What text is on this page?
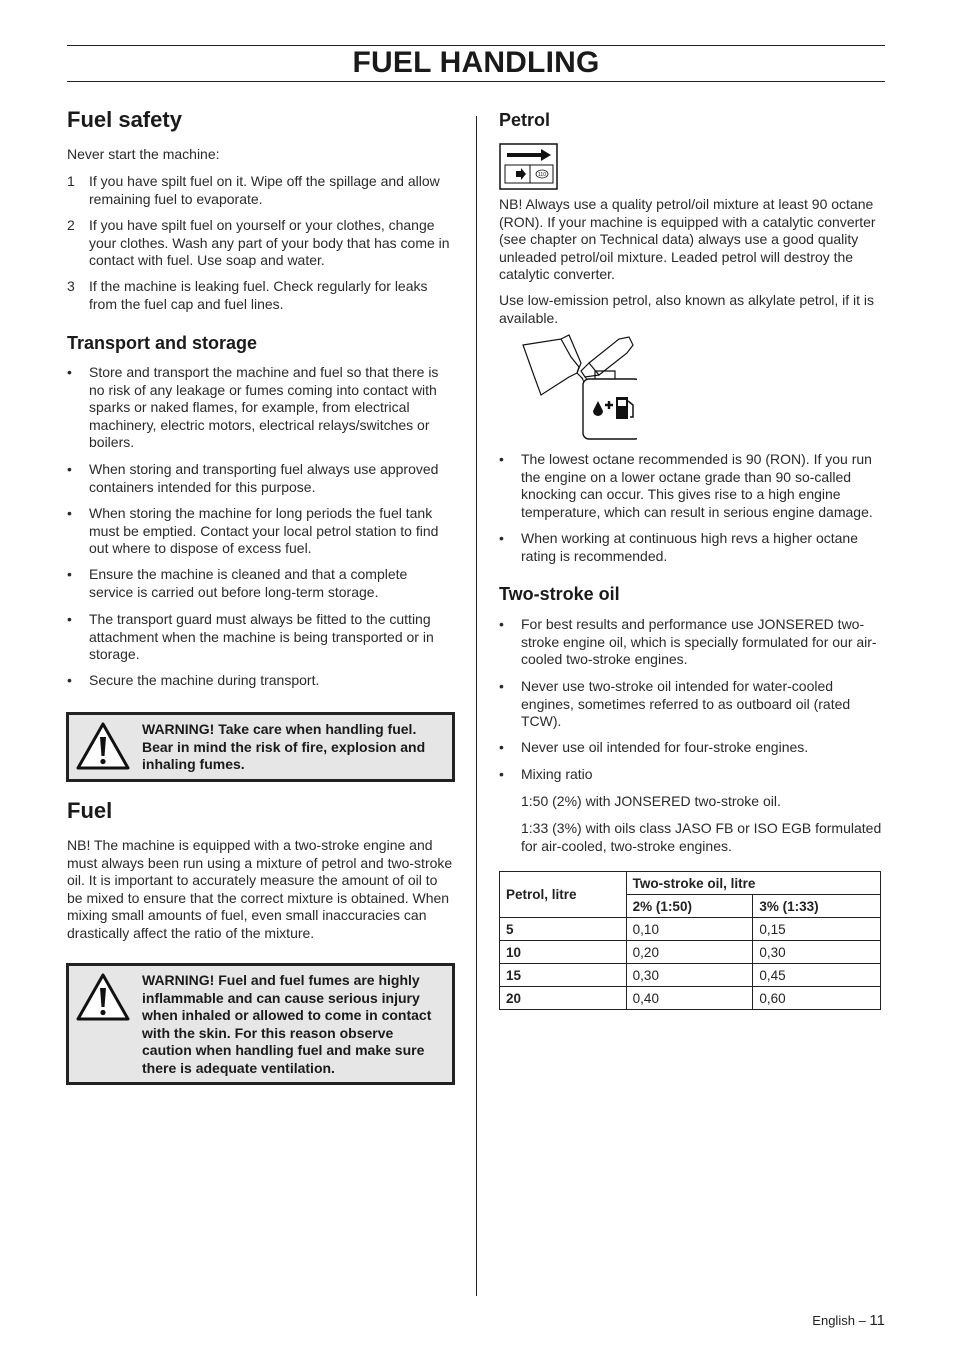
FUEL HANDLING
Fuel safety

Never start the machine:

1 If you have spilt fuel on it. Wipe off the spillage and allow remaining fuel to evaporate.
2 If you have spilt fuel on yourself or your clothes, change your clothes. Wash any part of your body that has come in contact with fuel. Use soap and water.
3 If the machine is leaking fuel. Check regularly for leaks from the fuel cap and fuel lines.
Transport and storage
• Store and transport the machine and fuel so that there is no risk of any leakage or fumes coming into contact with sparks or naked flames, for example, from electrical machinery, electric motors, electrical relays/switches or boilers.
• When storing and transporting fuel always use approved containers intended for this purpose.
• When storing the machine for long periods the fuel tank must be emptied. Contact your local petrol station to find out where to dispose of excess fuel.
• Ensure the machine is cleaned and that a complete service is carried out before long-term storage.
• The transport guard must always be fitted to the cutting attachment when the machine is being transported or in storage.
• Secure the machine during transport.
WARNING! Take care when handling fuel. Bear in mind the risk of fire, explosion and inhaling fumes.
Fuel

NB! The machine is equipped with a two-stroke engine and must always been run using a mixture of petrol and two-stroke oil. It is important to accurately measure the amount of oil to be mixed to ensure that the correct mixture is obtained. When mixing small amounts of fuel, even small inaccuracies can drastically affect the ratio of the mixture.

WARNING! Fuel and fuel fumes are highly inflammable and can cause serious injury when inhaled or allowed to come in contact with the skin. For this reason observe caution when handling fuel and make sure there is adequate ventilation.
Petrol
110

NB! Always use a quality petrol/oil mixture at least 90 octane (RON). If your machine is equipped with a catalytic converter (see chapter on Technical data) always use a good quality unleaded petrol/oil mixture. Leaded petrol will destroy the catalytic converter.

Use low-emission petrol, also known as alkylate petrol, if it is available.

• The lowest octane recommended is 90 (RON). If you run the engine on a lower octane grade than 90 so-called knocking can occur. This gives rise to a high engine temperature, which can result in serious engine damage.
• When working at continuous high revs a higher octane rating is recommended.
Two-stroke oil
• For best results and performance use JONSERED two-stroke engine oil, which is specially formulated for our air-cooled two-stroke engines.
• Never use two-stroke oil intended for water-cooled engines, sometimes referred to as outboard oil (rated TCW).
• Never use oil intended for four-stroke engines.
• Mixing ratio

1:50 (2%) with JONSERED two-stroke oil.

1:33 (3%) with oils class JASO FB or ISO EGB formulated for air-cooled, two-stroke engines.

Petrol, litre	Two-stroke oil, litre	
	2% (1:50)	3% (1:33)
5	0,10	0,15
10	0,20	0,30
15	0,30	0,45
20	0,40	0,60
English – 11
